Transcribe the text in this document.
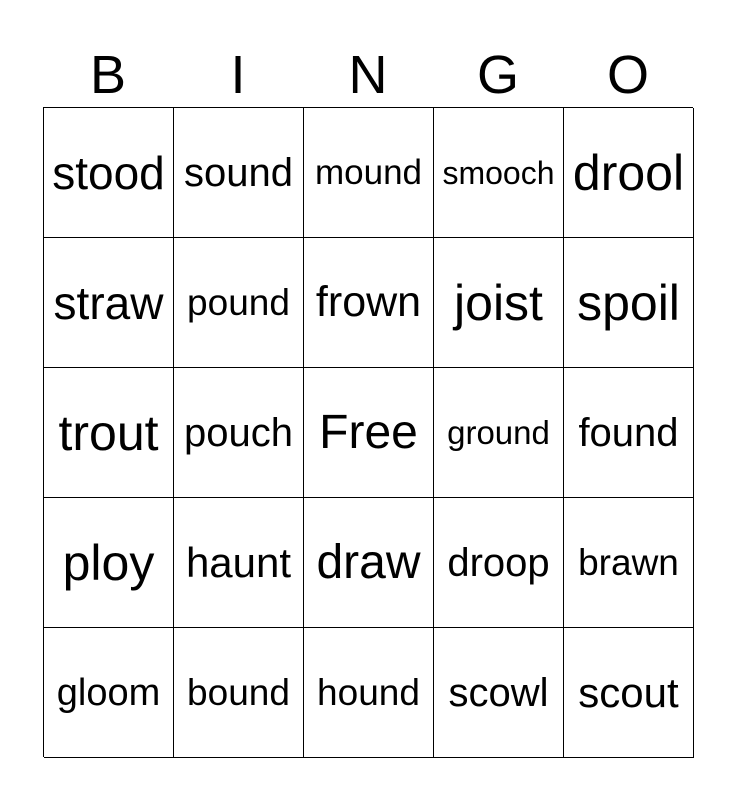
B	I	N	G	O
stood sound mound smooch drool
straw pound frown joist spoil
trout pouch Free ground found
ploy haunt draw droop brawn
gloom bound hound scowl scout
